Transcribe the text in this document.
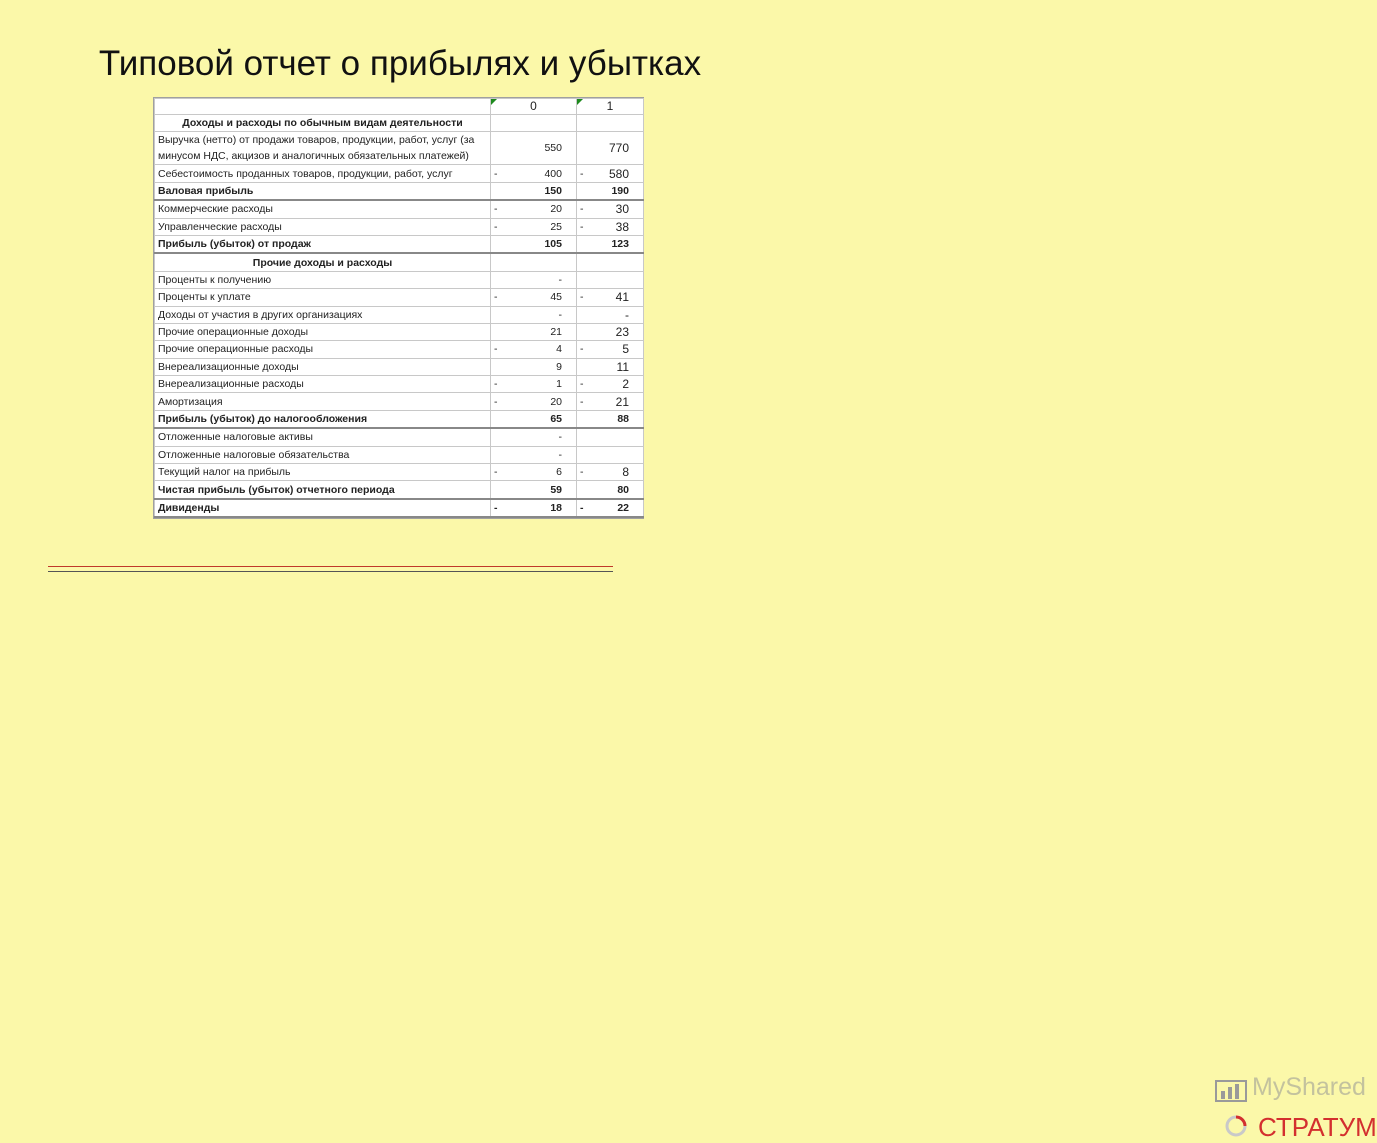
Типовой отчет о прибылях и убытках
	0		1	
Доходы и расходы по обычным видам деятельности				
Выручка (нетто) от продажи товаров, продукции, работ, услуг (за минусом НДС, акцизов и аналогичных обязательных платежей)		550		770
Себестоимость проданных товаров, продукции, работ, услуг	-	400	-	580
Валовая прибыль		150		190
Коммерческие расходы	-	20	-	30
Управленческие расходы	-	25	-	38
Прибыль (убыток) от продаж		105		123
Прочие доходы и расходы				
Проценты к получению		-		
Проценты к уплате	-	45	-	41
Доходы от участия в других организациях		-		-
Прочие операционные доходы		21		23
Прочие операционные расходы	-	4	-	5
Внереализационные доходы		9		11
Внереализационные расходы	-	1	-	2
Амортизация	-	20	-	21
Прибыль (убыток) до налогообложения		65		88
Отложенные налоговые активы		-		
Отложенные налоговые обязательства		-		
Текущий налог на прибыль	-	6	-	8
Чистая прибыль (убыток) отчетного периода		59		80
Дивиденды	-	18	-	22
MyShared
СТРАТУМ
